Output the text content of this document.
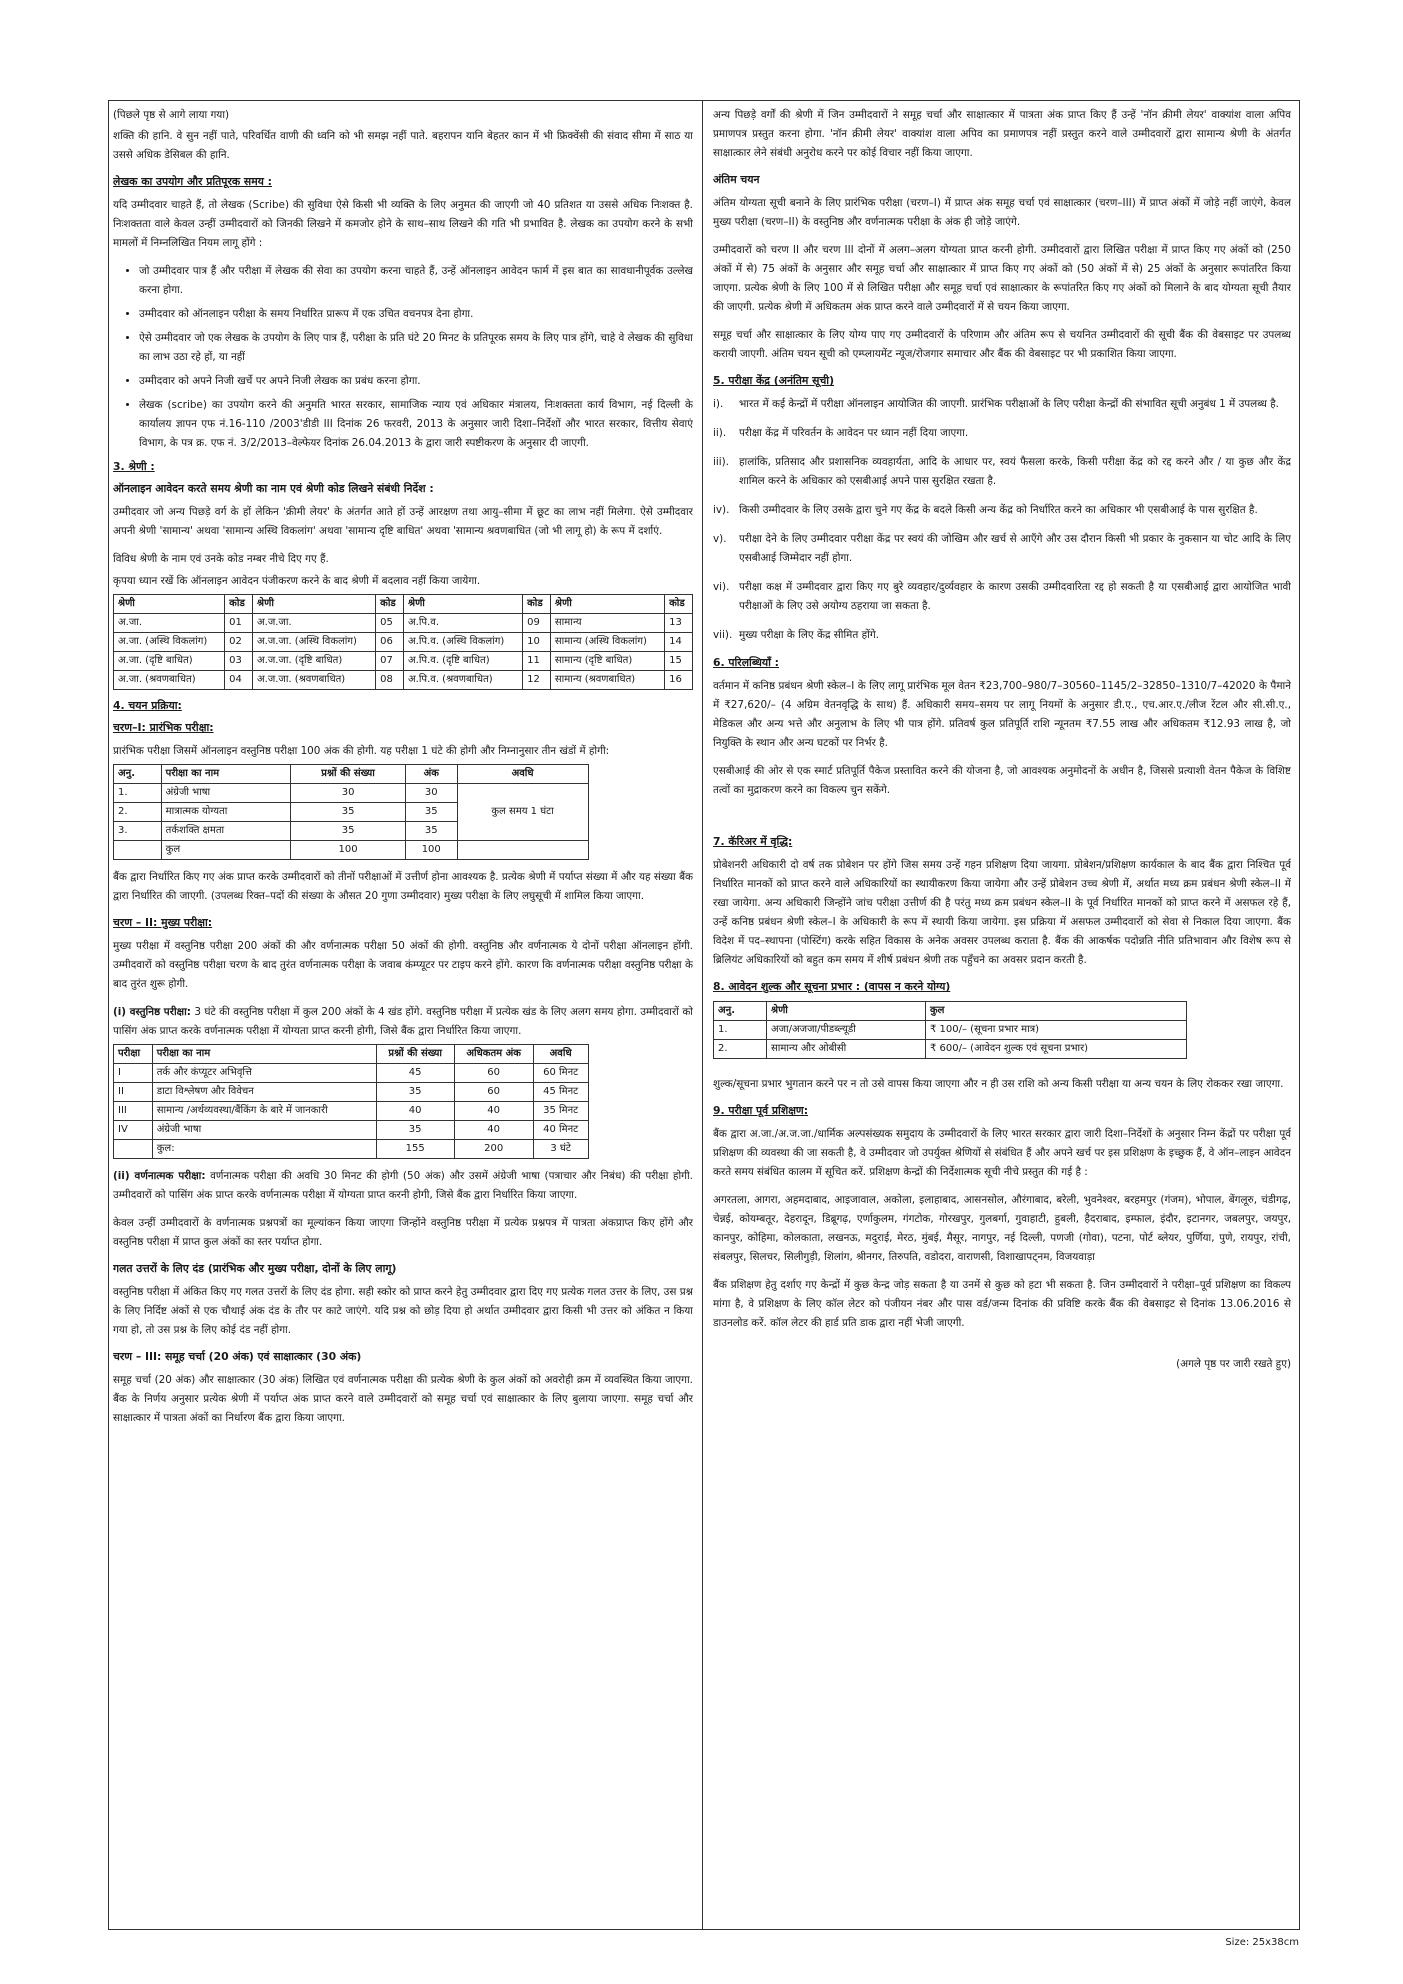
(पिछले पृष्ठ से आगे लाया गया)

शक्ति की हानि. वे सुन नहीं पाते, परिवर्धित वाणी की ध्वनि को भी समझ नहीं पाते. बहरापन यानि बेहतर कान में भी फ्रिक्वेंसी की संवाद सीमा में साठ या उससे अधिक डेसिबल की हानि.

लेखक का उपयोग और प्रतिपूरक समय :

यदि उम्मीदवार चाहते हैं, तो लेखक (Scribe) की सुविधा ऐसे किसी भी व्यक्ति के लिए अनुमत की जाएगी जो 40 प्रतिशत या उससे अधिक निःशक्त है. निःशक्तता वाले केवल उन्हीं उम्मीदवारों को जिनकी लिखने में कमजोर होने के साथ–साथ लिखने की गति भी प्रभावित है. लेखक का उपयोग करने के सभी मामलों में निम्नलिखित नियम लागू होंगे :

• जो उम्मीदवार पात्र हैं और परीक्षा में लेखक की सेवा का उपयोग करना चाहते हैं, उन्हें ऑनलाइन आवेदन फार्म में इस बात का सावधानीपूर्वक उल्लेख करना होगा.
• उम्मीदवार को ऑनलाइन परीक्षा के समय निर्धारित प्रारूप में एक उचित वचनपत्र देना होगा.
• ऐसे उम्मीदवार जो एक लेखक के उपयोग के लिए पात्र हैं, परीक्षा के प्रति घंटे 20 मिनट के प्रतिपूरक समय के लिए पात्र होंगे, चाहे वे लेखक की सुविधा का लाभ उठा रहे हों, या नहीं
• उम्मीदवार को अपने निजी खर्चे पर अपने निजी लेखक का प्रबंध करना होगा.
• लेखक (scribe) का उपयोग करने की अनुमति भारत सरकार, सामाजिक न्याय एवं अधिकार मंत्रालय, निःशक्तता कार्य विभाग, नई दिल्ली के कार्यालय ज्ञापन एफ नं.16-110 /2003'डीडी III दिनांक 26 फरवरी, 2013 के अनुसार जारी दिशा–निर्देशों और भारत सरकार, वित्तीय सेवाएं विभाग, के पत्र क्र. एफ नं. 3/2/2013–वेल्फेयर दिनांक 26.04.2013 के द्वारा जारी स्पष्टीकरण के अनुसार दी जाएगी.
3. श्रेणी :
ऑनलाइन आवेदन करते समय श्रेणी का नाम एवं श्रेणी कोड लिखने संबंधी निर्देश :

उम्मीदवार जो अन्य पिछड़े वर्ग के हों लेकिन 'क्रीमी लेयर' के अंतर्गत आते हों उन्हें आरक्षण तथा आयु–सीमा में छूट का लाभ नहीं मिलेगा. ऐसे उम्मीदवार अपनी श्रेणी 'सामान्य' अथवा 'सामान्य अस्थि विकलांग' अथवा 'सामान्य दृष्टि बाधित' अथवा 'सामान्य श्रवणबाधित (जो भी लागू हो) के रूप में दर्शाएं.

विविध श्रेणी के नाम एवं उनके कोड नम्बर नीचे दिए गए हैं.

कृपया ध्यान रखें कि ऑनलाइन आवेदन पंजीकरण करने के बाद श्रेणी में बदलाव नहीं किया जायेगा.

श्रेणी	कोड	श्रेणी	कोड	श्रेणी	कोड	श्रेणी	कोड
अ.जा.	01	अ.ज.जा.	05	अ.पि.व.	09	सामान्य	13
अ.जा. (अस्थि विकलांग)	02	अ.ज.जा. (अस्थि विकलांग)	06	अ.पि.व. (अस्थि विकलांग)	10	सामान्य (अस्थि विकलांग)	14
अ.जा. (दृष्टि बाधित)	03	अ.ज.जा. (दृष्टि बाधित)	07	अ.पि.व. (दृष्टि बाधित)	11	सामान्य (दृष्टि बाधित)	15
अ.जा. (श्रवणबाधित)	04	अ.ज.जा. (श्रवणबाधित)	08	अ.पि.व. (श्रवणबाधित)	12	सामान्य (श्रवणबाधित)	16
4. चयन प्रक्रिया:
चरण–I: प्रारंभिक परीक्षा:

प्रारंभिक परीक्षा जिसमें ऑनलाइन वस्तुनिष्ठ परीक्षा 100 अंक की होगी. यह परीक्षा 1 घंटे की होगी और निम्नानुसार तीन खंडों में होगी:

अनु.	परीक्षा का नाम	प्रश्नों की संख्या	अंक	अवधि
1.	अंग्रेजी भाषा	30	30	कुल समय 1 घंटा
2.	मात्रात्मक योग्यता	35	35	
3.	तर्कशक्ति क्षमता	35	35	
	कुल	100	100	

बैंक द्वारा निर्धारित किए गए अंक प्राप्त करके उम्मीदवारों को तीनों परीक्षाओं में उत्तीर्ण होना आवश्यक है. प्रत्येक श्रेणी में पर्याप्त संख्या में और यह संख्या बैंक द्वारा निर्धारित की जाएगी. (उपलब्ध रिक्त–पदों की संख्या के औसत 20 गुणा उम्मीदवार) मुख्य परीक्षा के लिए लघुसूची में शामिल किया जाएगा.

चरण – II: मुख्य परीक्षा:

मुख्य परीक्षा में वस्तुनिष्ठ परीक्षा 200 अंकों की और वर्णनात्मक परीक्षा 50 अंकों की होगी. वस्तुनिष्ठ और वर्णनात्मक ये दोनों परीक्षा ऑनलाइन होंगी. उम्मीदवारों को वस्तुनिष्ठ परीक्षा चरण के बाद तुरंत वर्णनात्मक परीक्षा के जवाब कंम्प्यूटर पर टाइप करने होंगे. कारण कि वर्णनात्मक परीक्षा वस्तुनिष्ठ परीक्षा के बाद तुरंत शुरू होगी.

(i) वस्तुनिष्ठ परीक्षा: 3 घंटे की वस्तुनिष्ठ परीक्षा में कुल 200 अंकों के 4 खंड होंगे. वस्तुनिष्ठ परीक्षा में प्रत्येक खंड के लिए अलग समय होगा. उम्मीदवारों को पासिंग अंक प्राप्त करके वर्णनात्मक परीक्षा में योग्यता प्राप्त करनी होगी, जिसे बैंक द्वारा निर्धारित किया जाएगा.

परीक्षा	परीक्षा का नाम	प्रश्नों की संख्या	अधिकतम अंक	अवधि
I	तर्क और कंप्यूटर अभिवृत्ति	45	60	60 मिनट
II	डाटा विश्लेषण और विवेचन	35	60	45 मिनट
III	सामान्य /अर्थव्यवस्था/बैंकिंग के बारे में जानकारी	40	40	35 मिनट
IV	अंग्रेजी भाषा	35	40	40 मिनट
	कुल:	155	200	3 घंटे

(ii) वर्णनात्मक परीक्षा: वर्णनात्मक परीक्षा की अवधि 30 मिनट की होगी (50 अंक) और उसमें अंग्रेजी भाषा (पत्राचार और निबंध) की परीक्षा होगी. उम्मीदवारों को पासिंग अंक प्राप्त करके वर्णनात्मक परीक्षा में योग्यता प्राप्त करनी होगी, जिसे बैंक द्वारा निर्धारित किया जाएगा.

केवल उन्हीं उम्मीदवारों के वर्णनात्मक प्रश्नपत्रों का मूल्यांकन किया जाएगा जिन्होंने वस्तुनिष्ठ परीक्षा में प्रत्येक प्रश्नपत्र में पात्रता अंकप्राप्त किए होंगे और वस्तुनिष्ठ परीक्षा में प्राप्त कुल अंकों का स्तर पर्याप्त होगा.

गलत उत्तरों के लिए दंड (प्रारंभिक और मुख्य परीक्षा, दोनों के लिए लागू)

वस्तुनिष्ठ परीक्षा में अंकित किए गए गलत उत्तरों के लिए दंड होगा. सही स्कोर को प्राप्त करने हेतु उम्मीदवार द्वारा दिए गए प्रत्येक गलत उत्तर के लिए, उस प्रश्न के लिए निर्दिष्ट अंकों से एक चौथाई अंक दंड के तौर पर काटे जाएंगे. यदि प्रश्न को छोड़ दिया हो अर्थात उम्मीदवार द्वारा किसी भी उत्तर को अंकित न किया गया हो, तो उस प्रश्न के लिए कोई दंड नहीं होगा.

चरण – III: समूह चर्चा (20 अंक) एवं साक्षात्कार (30 अंक)

समूह चर्चा (20 अंक) और साक्षात्कार (30 अंक) लिखित एवं वर्णनात्मक परीक्षा की प्रत्येक श्रेणी के कुल अंकों को अवरोही क्रम में व्यवस्थित किया जाएगा. बैंक के निर्णय अनुसार प्रत्येक श्रेणी में पर्याप्त अंक प्राप्त करने वाले उम्मीदवारों को समूह चर्चा एवं साक्षात्कार के लिए बुलाया जाएगा. समूह चर्चा और साक्षात्कार में पात्रता अंकों का निर्धारण बैंक द्वारा किया जाएगा.

अन्य पिछड़े वर्गों की श्रेणी में जिन उम्मीदवारों ने समूह चर्चा और साक्षात्कार में पात्रता अंक प्राप्त किए हैं उन्हें 'नॉन क्रीमी लेयर' वाक्यांश वाला अपिव प्रमाणपत्र प्रस्तुत करना होगा. 'नॉन क्रीमी लेयर' वाक्यांश वाला अपिव का प्रमाणपत्र नहीं प्रस्तुत करने वाले उम्मीदवारों द्वारा सामान्य श्रेणी के अंतर्गत साक्षात्कार लेने संबंधी अनुरोध करने पर कोई विचार नहीं किया जाएगा.

अंतिम चयन

अंतिम योग्यता सूची बनाने के लिए प्रारंभिक परीक्षा (चरण–I) में प्राप्त अंक समूह चर्चा एवं साक्षात्कार (चरण–III) में प्राप्त अंकों में जोड़े नहीं जाएंगे, केवल मुख्य परीक्षा (चरण–II) के वस्तुनिष्ठ और वर्णनात्मक परीक्षा के अंक ही जोड़े जाएंगे.

उम्मीदवारों को चरण II और चरण III दोनों में अलग–अलग योग्यता प्राप्त करनी होगी. उम्मीदवारों द्वारा लिखित परीक्षा में प्राप्त किए गए अंकों को (250 अंकों में से) 75 अंकों के अनुसार और समूह चर्चा और साक्षात्कार में प्राप्त किए गए अंकों को (50 अंकों में से) 25 अंकों के अनुसार रूपांतरित किया जाएगा. प्रत्येक श्रेणी के लिए 100 में से लिखित परीक्षा और समूह चर्चा एवं साक्षात्कार के रूपांतरित किए गए अंकों को मिलाने के बाद योग्यता सूची तैयार की जाएगी. प्रत्येक श्रेणी में अधिकतम अंक प्राप्त करने वाले उम्मीदवारों में से चयन किया जाएगा.

समूह चर्चा और साक्षात्कार के लिए योग्य पाए गए उम्मीदवारों के परिणाम और अंतिम रूप से चयनित उम्मीदवारों की सूची बैंक की वेबसाइट पर उपलब्ध करायी जाएगी. अंतिम चयन सूची को एम्प्लायमेंट न्यूज/रोजगार समाचार और बैंक की वेबसाइट पर भी प्रकाशित किया जाएगा.

5. परीक्षा केंद्र (अनंतिम सूची)
i).	भारत में कई केन्द्रों में परीक्षा ऑनलाइन आयोजित की जाएगी. प्रारंभिक परीक्षाओं के लिए परीक्षा केन्द्रों की संभावित सूची अनुबंध 1 में उपलब्ध है.
ii).	परीक्षा केंद्र में परिवर्तन के आवेदन पर ध्यान नहीं दिया जाएगा.
iii). हालांकि, प्रतिसाद और प्रशासनिक व्यवहार्यता, आदि के आधार पर, स्वयं फैसला करके, किसी परीक्षा केंद्र को रद्द करने और / या कुछ और केंद्र शामिल करने के अधिकार को एसबीआई अपने पास सुरक्षित रखता है.
iv). किसी उम्मीदवार के लिए उसके द्वारा चुने गए केंद्र के बदले किसी अन्य केंद्र को निर्धारित करने का अधिकार भी एसबीआई के पास सुरक्षित है.
v).	परीक्षा देने के लिए उम्मीदवार परीक्षा केंद्र पर स्वयं की जोखिम और खर्च से आएँगे और उस दौरान किसी भी प्रकार के नुकसान या चोट आदि के लिए एसबीआई जिम्मेदार नहीं होगा.
vi). परीक्षा कक्ष में उम्मीदवार द्वारा किए गए बुरे व्यवहार/दुर्व्यवहार के कारण उसकी उम्मीदवारिता रद्द हो सकती है या एसबीआई द्वारा आयोजित भावी परीक्षाओं के लिए उसे अयोग्य ठहराया जा सकता है.
vii). मुख्य परीक्षा के लिए केंद्र सीमित होंगे.
6. परिलब्धियाँ :

वर्तमान में कनिष्ठ प्रबंधन श्रेणी स्केल–I के लिए लागू प्रारंभिक मूल वेतन ₹23,700–980/7–30560–1145/2–32850–1310/7–42020 के पैमाने में ₹27,620/– (4 अग्रिम वेतनवृद्धि के साथ) हैं. अधिकारी समय–समय पर लागू नियमों के अनुसार डी.ए., एच.आर.ए./लीज रेंटल और सी.सी.ए., मेडिकल और अन्य भत्ते और अनुलाभ के लिए भी पात्र होंगे. प्रतिवर्ष कुल प्रतिपूर्ति राशि न्यूनतम ₹7.55 लाख और अधिकतम ₹12.93 लाख है, जो नियुक्ति के स्थान और अन्य घटकों पर निर्भर है.

एसबीआई की ओर से एक स्मार्ट प्रतिपूर्ति पैकेज प्रस्तावित करने की योजना है, जो आवश्यक अनुमोदनों के अधीन है, जिससे प्रत्याशी वेतन पैकेज के विशिष्ट तत्वों का मुद्राकरण करने का विकल्प चुन सकेंगे.

7. कॅरिअर में वृद्धि:

प्रोबेशनरी अधिकारी दो वर्ष तक प्रोबेशन पर होंगे जिस समय उन्हें गहन प्रशिक्षण दिया जायगा. प्रोबेशन/प्रशिक्षण कार्यकाल के बाद बैंक द्वारा निश्चित पूर्व निर्धारित मानकों को प्राप्त करने वाले अधिकारियों का स्थायीकरण किया जायेगा और उन्हें प्रोबेशन उच्च श्रेणी में, अर्थात मध्य क्रम प्रबंधन श्रेणी स्केल–II में रखा जायेगा. अन्य अधिकारी जिन्होंने जांच परीक्षा उत्तीर्ण की है परंतु मध्य क्रम प्रबंधन स्केल–II के पूर्व निर्धारित मानकों को प्राप्त करने में असफल रहे हैं, उन्हें कनिष्ठ प्रबंधन श्रेणी स्केल–I के अधिकारी के रूप में स्थायी किया जायेगा. इस प्रक्रिया में असफल उम्मीदवारों को सेवा से निकाल दिया जाएगा. बैंक विदेश में पद–स्थापना (पोस्टिंग) करके सहित विकास के अनेक अवसर उपलब्ध कराता है. बैंक की आकर्षक पदोन्नति नीति प्रतिभावान और विशेष रूप से ब्रिलियंट अधिकारियों को बहुत कम समय में शीर्ष प्रबंधन श्रेणी तक पहुँचने का अवसर प्रदान करती है.

8. आवेदन शुल्क और सूचना प्रभार : (वापस न करने योग्य)
अनु.	श्रेणी	कुल
1.	अजा/अजजा/पीडब्ल्यूडी	₹ 100/– (सूचना प्रभार मात्र)
2.	सामान्य और ओबीसी	₹ 600/– (आवेदन शुल्क एवं सूचना प्रभार)

शुल्क/सूचना प्रभार भुगतान करने पर न तो उसे वापस किया जाएगा और न ही उस राशि को अन्य किसी परीक्षा या अन्य चयन के लिए रोककर रखा जाएगा.

9. परीक्षा पूर्व प्रशिक्षण:

बैंक द्वारा अ.जा./अ.ज.जा./धार्मिक अल्पसंख्यक समुदाय के उम्मीदवारों के लिए भारत सरकार द्वारा जारी दिशा–निर्देशों के अनुसार निम्न केंद्रों पर परीक्षा पूर्व प्रशिक्षण की व्यवस्था की जा सकती है, वे उम्मीदवार जो उपर्युक्त श्रेणियों से संबंधित हैं और अपने खर्च पर इस प्रशिक्षण के इच्छुक हैं, वे ऑन–लाइन आवेदन करते समय संबंधित कालम में सूचित करें. प्रशिक्षण केन्द्रों की निर्देशात्मक सूची नीचे प्रस्तुत की गई है :

अगरतला, आगरा, अहमदाबाद, आइजावाल, अकोला, इलाहाबाद, आसनसोल, औरंगाबाद, बरेली, भुवनेश्वर, बरहमपुर (गंजम), भोपाल, बेंगलूरु, चंडीगढ़, चेन्नई, कोयम्बतूर, देहरादून, डिब्रूगढ़, एर्णाकुलम, गंगटोक, गोरखपुर, गुलबर्गा, गुवाहाटी, हुबली, हैदराबाद, इम्फाल, इंदौर, इटानगर, जबलपुर, जयपुर, कानपुर, कोहिमा, कोलकाता, लखनऊ, मदुराई, मेरठ, मुंबई, मैसूर, नागपुर, नई दिल्ली, पणजी (गोवा), पटना, पोर्ट ब्लेयर, पुर्णिया, पुणे, रायपुर, रांची, संबलपुर, सिलचर, सिलीगुड़ी, शिलांग, श्रीनगर, तिरुपति, वडोदरा, वाराणसी, विशाखापट्नम, विजयवाड़ा

बैंक प्रशिक्षण हेतु दर्शाए गए केन्द्रों में कुछ केन्द्र जोड़ सकता है या उनमें से कुछ को हटा भी सकता है. जिन उम्मीदवारों ने परीक्षा–पूर्व प्रशिक्षण का विकल्प मांगा है, वे प्रशिक्षण के लिए कॉल लेटर को पंजीयन नंबर और पास वर्ड/जन्म दिनांक की प्रविष्टि करके बैंक की वेबसाइट से दिनांक 13.06.2016 से डाउनलोड करें. कॉल लेटर की हार्ड प्रति डाक द्वारा नहीं भेजी जाएगी.

(अगले पृष्ठ पर जारी रखते हुए)

Size: 25x38cm
